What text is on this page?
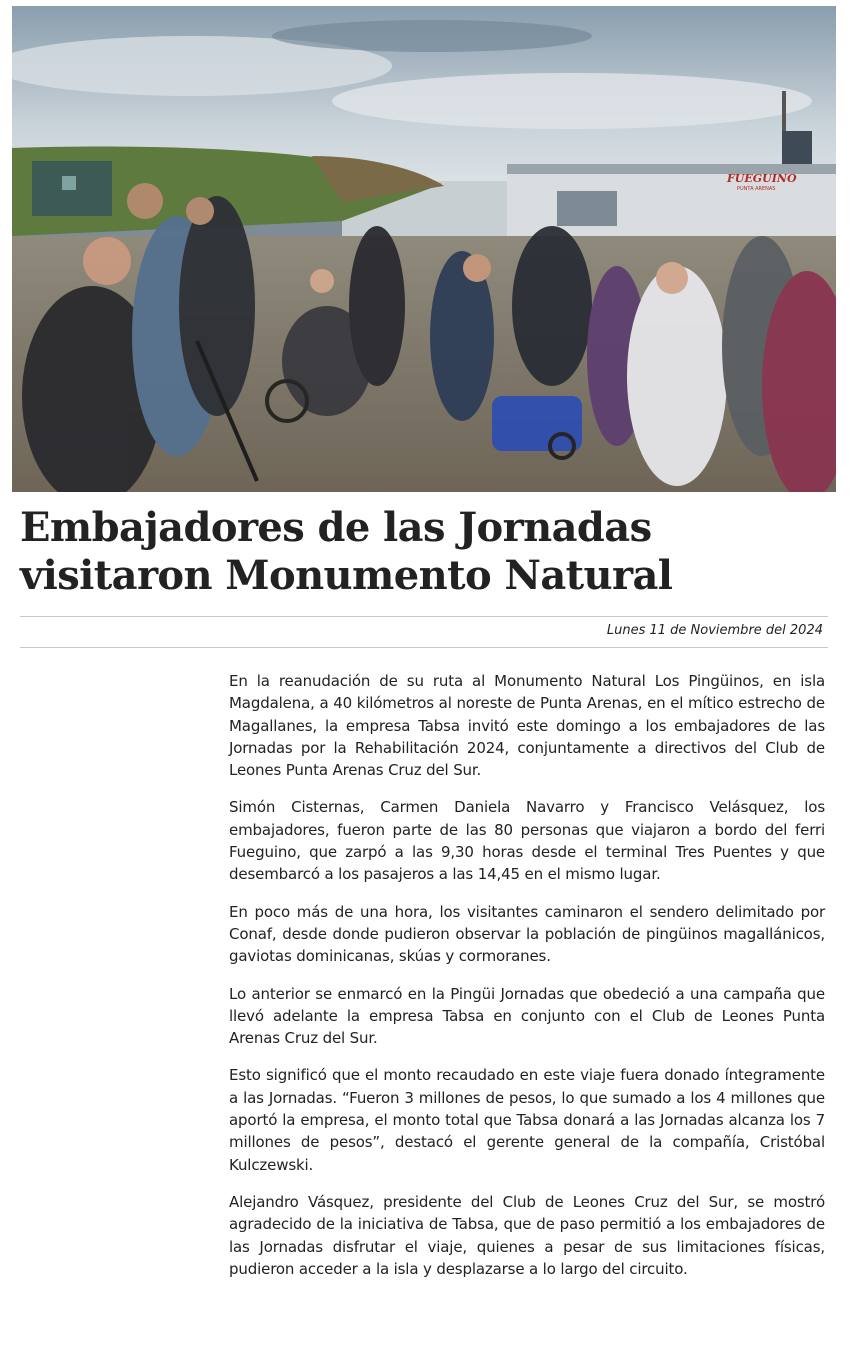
FUEGUINO
PUNTA ARENAS
Embajadores de las Jornadas visitaron Monumento Natural
Lunes 11 de Noviembre del 2024

En la reanudación de su ruta al Monumento Natural Los Pingüinos, en isla Magdalena, a 40 kilómetros al noreste de Punta Arenas, en el mítico estrecho de Magallanes, la empresa Tabsa invitó este domingo a los embajadores de las Jornadas por la Rehabilitación 2024, conjuntamente a directivos del Club de Leones Punta Arenas Cruz del Sur.

Simón Cisternas, Carmen Daniela Navarro y Francisco Velásquez, los embajadores, fueron parte de las 80 personas que viajaron a bordo del ferri Fueguino, que zarpó a las 9,30 horas desde el terminal Tres Puentes y que desembarcó a los pasajeros a las 14,45 en el mismo lugar.

En poco más de una hora, los visitantes caminaron el sendero delimitado por Conaf, desde donde pudieron observar la población de pingüinos magallánicos, gaviotas dominicanas, skúas y cormoranes.

Lo anterior se enmarcó en la Pingüi Jornadas que obedeció a una campaña que llevó adelante la empresa Tabsa en conjunto con el Club de Leones Punta Arenas Cruz del Sur.

Esto significó que el monto recaudado en este viaje fuera donado íntegramente a las Jornadas. “Fueron 3 millones de pesos, lo que sumado a los 4 millones que aportó la empresa, el monto total que Tabsa donará a las Jornadas alcanza los 7 millones de pesos”, destacó el gerente general de la compañía, Cristóbal Kulczewski.

Alejandro Vásquez, presidente del Club de Leones Cruz del Sur, se mostró agradecido de la iniciativa de Tabsa, que de paso permitió a los embajadores de las Jornadas disfrutar el viaje, quienes a pesar de sus limitaciones físicas, pudieron acceder a la isla y desplazarse a lo largo del circuito.
